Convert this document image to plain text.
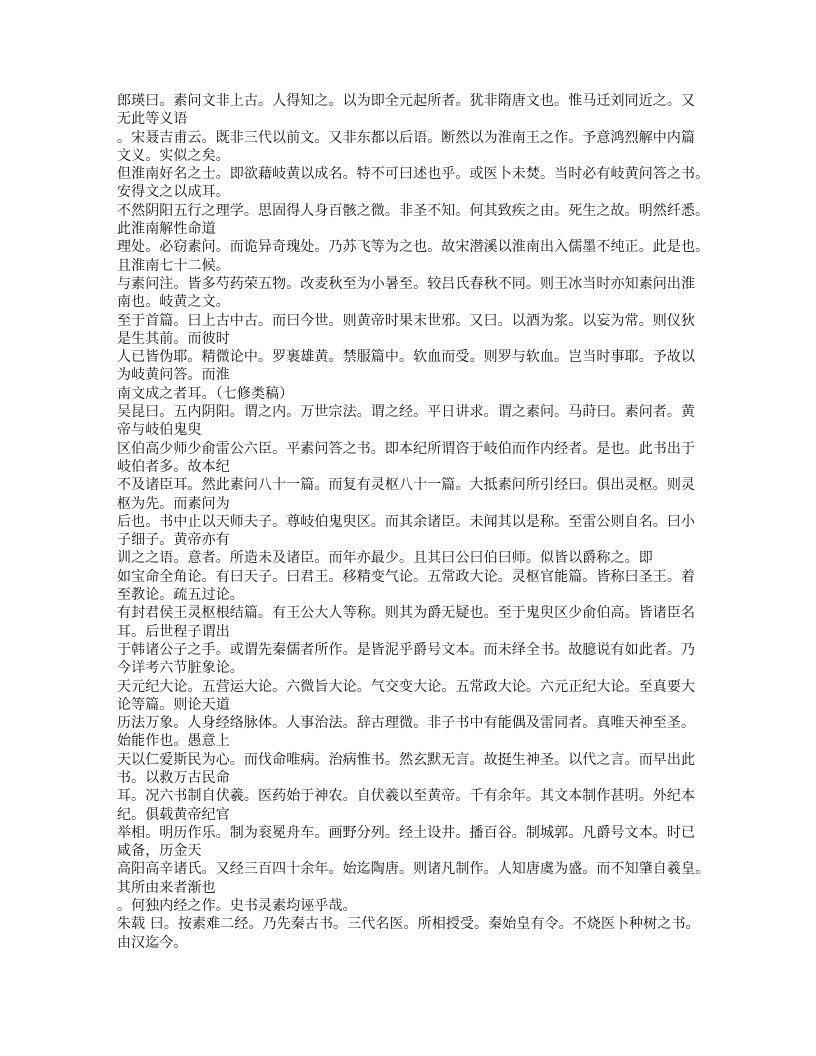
郎瑛曰。素问文非上古。人得知之。以为即全元起所者。犹非隋唐文也。惟马迁刘同近之。又
无此等义语
。宋聂吉甫云。既非三代以前文。又非东都以后语。断然以为淮南王之作。予意鸿烈解中内篇
文义。实似之矣。
但淮南好名之士。即欲藉岐黄以成名。特不可曰述也乎。或医卜未焚。当时必有岐黄问答之书。
安得文之以成耳。
不然阴阳五行之理学。思固得人身百骸之微。非圣不知。何其致疾之由。死生之故。明然纤悉。
此淮南解性命道
理处。必窃素问。而诡异奇瑰处。乃苏飞等为之也。故宋潜溪以淮南出入儒墨不纯正。此是也。
且淮南七十二候。
与素问注。皆多芍药荣五物。改麦秋至为小暑至。较吕氏春秋不同。则王冰当时亦知素问出淮
南也。岐黄之文。
至于首篇。曰上古中古。而曰今世。则黄帝时果末世邪。又曰。以酒为浆。以妄为常。则仪狄
是生其前。而彼时
人已皆伪耶。精微论中。罗裹雄黄。禁服篇中。软血而受。则罗与软血。岂当时事耶。予故以
为岐黄问答。而淮
南文成之者耳。（七修类稿）
吴昆曰。五内阴阳。谓之内。万世宗法。谓之经。平日讲求。谓之素问。马莳曰。素问者。黄
帝与岐伯鬼臾
区伯高少师少俞雷公六臣。平素问答之书。即本纪所谓咨于岐伯而作内经者。是也。此书出于
岐伯者多。故本纪
不及诸臣耳。然此素问八十一篇。而复有灵枢八十一篇。大抵素问所引经曰。俱出灵枢。则灵
枢为先。而素问为
后也。书中止以天师夫子。尊岐伯鬼臾区。而其余诸臣。未闻其以是称。至雷公则自名。曰小
子细子。黄帝亦有
训之之语。意者。所造未及诸臣。而年亦最少。且其曰公曰伯曰师。似皆以爵称之。即
如宝命全角论。有曰天子。曰君王。移精变气论。五常政大论。灵枢官能篇。皆称曰圣王。着
至教论。疏五过论。
有封君侯王灵枢根结篇。有王公大人等称。则其为爵无疑也。至于鬼臾区少俞伯高。皆诸臣名
耳。后世程子谓出
于韩诸公子之手。或谓先秦儒者所作。是皆泥乎爵号文本。而未绎全书。故臆说有如此者。乃
今详考六节脏象论。
天元纪大论。五营运大论。六微旨大论。气交变大论。五常政大论。六元正纪大论。至真要大
论等篇。则论天道
历法万象。人身经络脉体。人事治法。辞古理微。非子书中有能偶及雷同者。真唯天神至圣。
始能作也。愚意上
天以仁爱斯民为心。而伐命唯病。治病惟书。然玄默无言。故挺生神圣。以代之言。而早出此
书。以救万古民命
耳。况六书制自伏羲。医药始于神农。自伏羲以至黄帝。千有余年。其文本制作甚明。外纪本
纪。俱载黄帝纪官
举相。明历作乐。制为衮冕舟车。画野分列。经土设井。播百谷。制城郭。凡爵号文本。时已
咸备，历金天
高阳高辛诸氏。又经三百四十余年。始迄陶唐。则诸凡制作。人知唐虞为盛。而不知肇自羲皇。
其所由来者渐也
。何独内经之作。史书灵素均诬乎哉。
朱载 曰。按素难二经。乃先秦古书。三代名医。所相授受。秦始皇有令。不烧医卜种树之书。
由汉迄今。
